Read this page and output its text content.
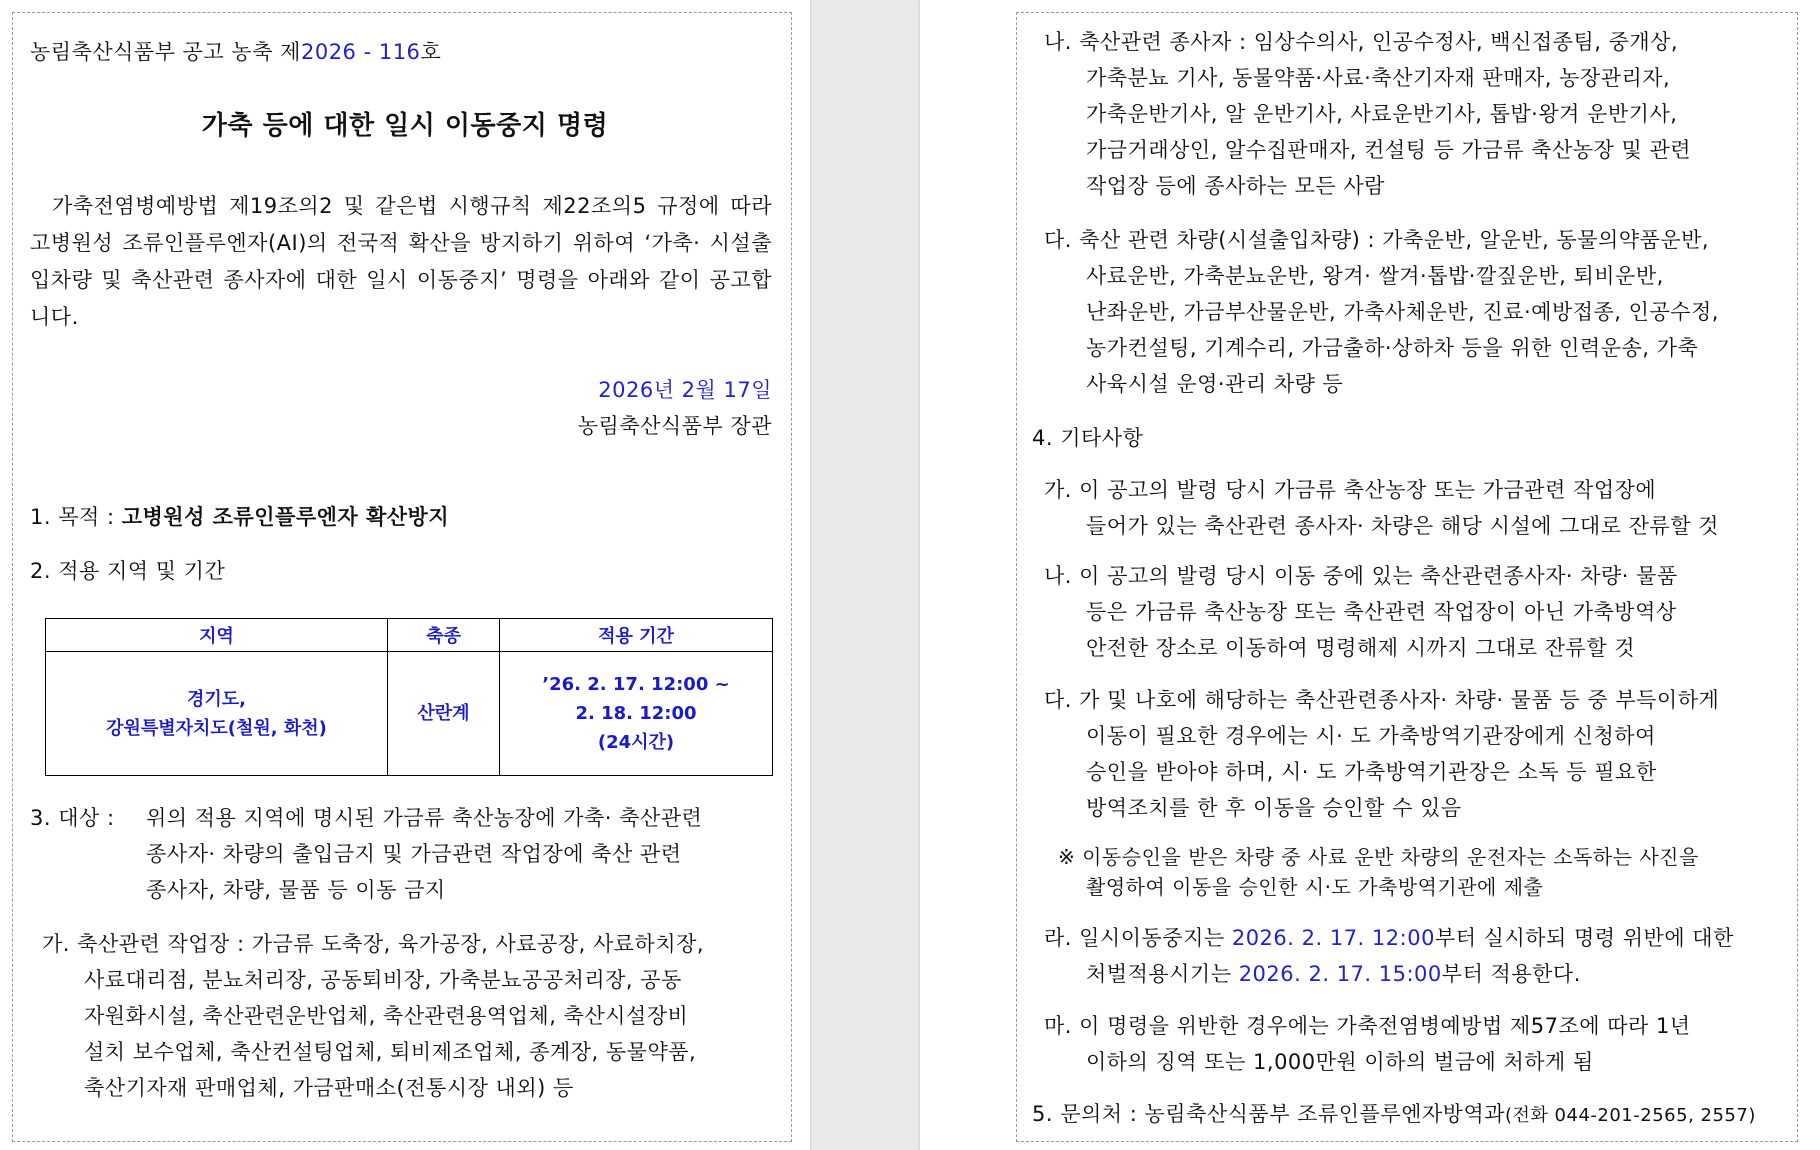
농림축산식품부 공고 농축 제2026 - 116호

가축 등에 대한 일시 이동중지 명령

가축전염병예방법 제19조의2 및 같은법 시행규칙 제22조의5 규정에 따라 고병원성 조류인플루엔자(AI)의 전국적 확산을 방지하기 위하여 ‘가축· 시설출입차량 및 축산관련 종사자에 대한 일시 이동중지’ 명령을 아래와 같이 공고합니다.

2026년 2월 17일

농림축산식품부 장관

1. 목적 : 고병원성 조류인플루엔자 확산방지

2. 적용 지역 및 기간

지역	축종	적용 기간
경기도,
강원특별자치도(철원, 화천)	산란계	’26. 2. 17. 12:00 ~
2. 18. 12:00
(24시간)

3. 대상 : 위의 적용 지역에 명시된 가금류 축산농장에 가축· 축산관련

종사자· 차량의 출입금지 및 가금관련 작업장에 축산 관련

종사자, 차량, 물품 등 이동 금지

가. 축산관련 작업장 : 가금류 도축장, 육가공장, 사료공장, 사료하치장,

사료대리점, 분뇨처리장, 공동퇴비장, 가축분뇨공공처리장, 공동

자원화시설, 축산관련운반업체, 축산관련용역업체, 축산시설장비

설치 보수업체, 축산컨설팅업체, 퇴비제조업체, 종계장, 동물약품,

축산기자재 판매업체, 가금판매소(전통시장 내외) 등

나. 축산관련 종사자 : 임상수의사, 인공수정사, 백신접종팀, 중개상,

가축분뇨 기사, 동물약품·사료·축산기자재 판매자, 농장관리자,

가축운반기사, 알 운반기사, 사료운반기사, 톱밥·왕겨 운반기사,

가금거래상인, 알수집판매자, 컨설팅 등 가금류 축산농장 및 관련

작업장 등에 종사하는 모든 사람

다. 축산 관련 차량(시설출입차량) : 가축운반, 알운반, 동물의약품운반,

사료운반, 가축분뇨운반, 왕겨· 쌀겨·톱밥·깔짚운반, 퇴비운반,

난좌운반, 가금부산물운반, 가축사체운반, 진료·예방접종, 인공수정,

농가컨설팅, 기계수리, 가금출하·상하차 등을 위한 인력운송, 가축

사육시설 운영·관리 차량 등

4. 기타사항

가. 이 공고의 발령 당시 가금류 축산농장 또는 가금관련 작업장에

들어가 있는 축산관련 종사자· 차량은 해당 시설에 그대로 잔류할 것

나. 이 공고의 발령 당시 이동 중에 있는 축산관련종사자· 차량· 물품

등은 가금류 축산농장 또는 축산관련 작업장이 아닌 가축방역상

안전한 장소로 이동하여 명령해제 시까지 그대로 잔류할 것

다. 가 및 나호에 해당하는 축산관련종사자· 차량· 물품 등 중 부득이하게

이동이 필요한 경우에는 시· 도 가축방역기관장에게 신청하여

승인을 받아야 하며, 시· 도 가축방역기관장은 소독 등 필요한

방역조치를 한 후 이동을 승인할 수 있음

※ 이동승인을 받은 차량 중 사료 운반 차량의 운전자는 소독하는 사진을

촬영하여 이동을 승인한 시·도 가축방역기관에 제출

라. 일시이동중지는 2026. 2. 17. 12:00부터 실시하되 명령 위반에 대한

처벌적용시기는 2026. 2. 17. 15:00부터 적용한다.

마. 이 명령을 위반한 경우에는 가축전염병예방법 제57조에 따라 1년

이하의 징역 또는 1,000만원 이하의 벌금에 처하게 됨

5. 문의처 : 농림축산식품부 조류인플루엔자방역과(전화 044-201-2565, 2557)
